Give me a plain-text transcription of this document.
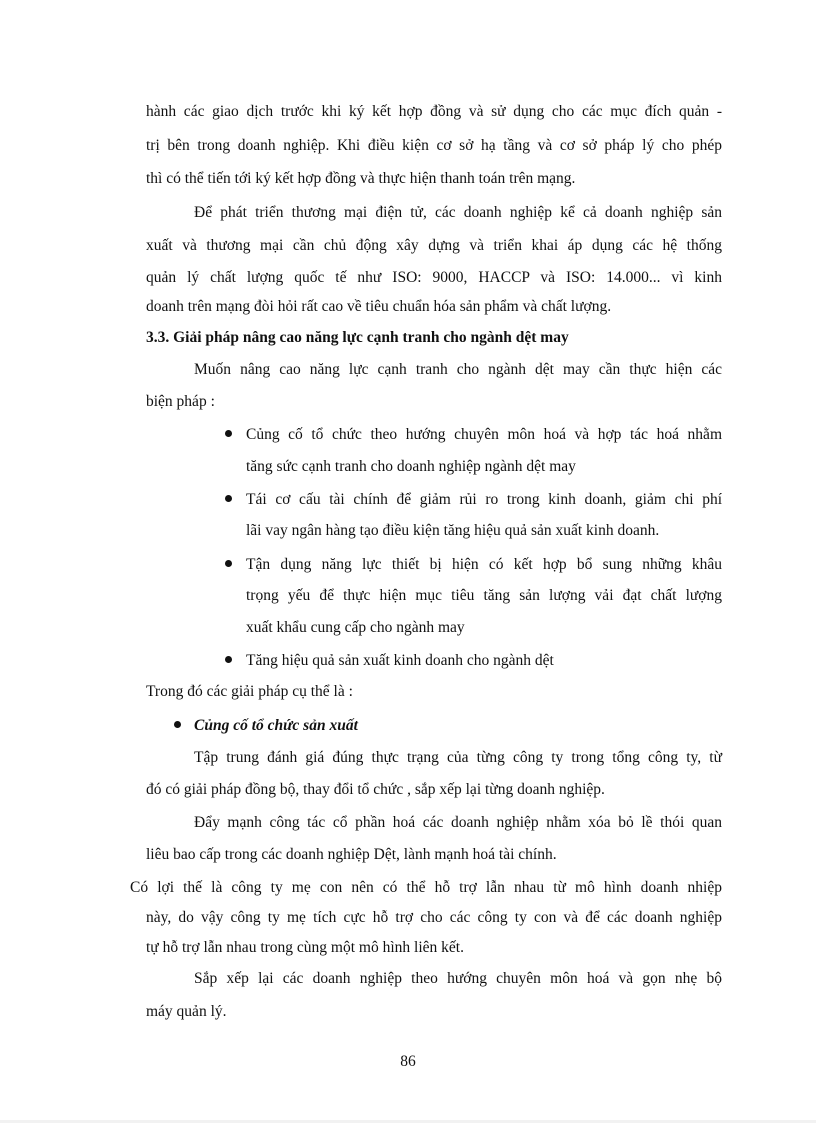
hành các giao dịch trước khi ký kết hợp đồng và sử dụng cho các mục đích quản -
trị bên trong doanh nghiệp. Khi điều kiện cơ sở hạ tầng và cơ sở pháp lý cho phép
thì có thể tiến tới ký kết hợp đồng và thực hiện thanh toán trên mạng.
Để phát triển thương mại điện tử, các doanh nghiệp kể cả doanh nghiệp sản
xuất và thương mại cần chủ động xây dựng và triển khai áp dụng các hệ thống
quản lý chất lượng quốc tế như ISO: 9000, HACCP và ISO: 14.000... vì kinh
doanh trên mạng đòi hỏi rất cao về tiêu chuẩn hóa sản phẩm và chất lượng.
3.3. Giải pháp nâng cao năng lực cạnh tranh cho ngành dệt may
Muốn nâng cao năng lực cạnh tranh cho ngành dệt may cần thực hiện các
biện pháp :
Củng cố tổ chức theo hướng chuyên môn hoá và hợp tác hoá nhằm
tăng sức cạnh tranh cho doanh nghiệp ngành dệt may
Tái cơ cấu tài chính để giảm rủi ro trong kinh doanh, giảm chi phí
lãi vay ngân hàng tạo điều kiện tăng hiệu quả sản xuất kinh doanh.
Tận dụng năng lực thiết bị hiện có kết hợp bổ sung những khâu
trọng yếu để thực hiện mục tiêu tăng sản lượng vải đạt chất lượng
xuất khẩu cung cấp cho ngành may
Tăng hiệu quả sản xuất kinh doanh cho ngành dệt
Trong đó các giải pháp cụ thể là :
Củng cố tổ chức sản xuất
Tập trung đánh giá đúng thực trạng của từng công ty trong tổng công ty, từ
đó có giải pháp đồng bộ, thay đổi tổ chức , sắp xếp lại từng doanh nghiệp.
Đẩy mạnh công tác cổ phần hoá các doanh nghiệp nhằm xóa bỏ lề thói quan
liêu bao cấp trong các doanh nghiệp Dệt, lành mạnh hoá tài chính.
Có lợi thế là công ty mẹ con nên có thể hỗ trợ lẫn nhau từ mô hình doanh nhiệp
này, do vậy công ty mẹ tích cực hỗ trợ cho các công ty con và để các doanh nghiệp
tự hỗ trợ lẫn nhau trong cùng một mô hình liên kết.
Sắp xếp lại các doanh nghiệp theo hướng chuyên môn hoá và gọn nhẹ bộ
máy quản lý.
86
